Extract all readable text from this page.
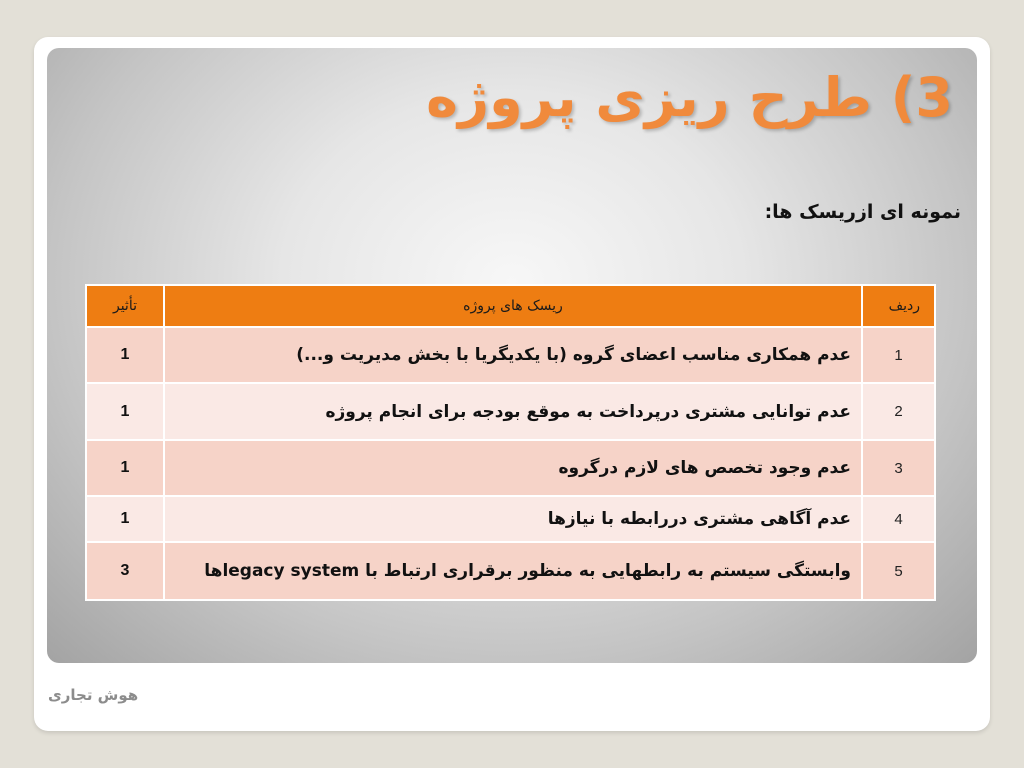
3) طرح ریزی پروژه
نمونه ای ازریسک ها:
ردیف	ریسک های پروژه	تأثیر
1	عدم همکاری مناسب اعضای گروه (با یکدیگریا با بخش مدیریت و...)	1
2	عدم توانایی مشتری درپرداخت به موقع بودجه برای انجام پروژه	1
3	عدم وجود تخصص های لازم درگروه	1
4	عدم آگاهی مشتری دررابطه با نیازها	1
5	وابستگی سیستم به رابطهایی به منظور برقراری ارتباط با legacy systemها	3
هوش تجاری
